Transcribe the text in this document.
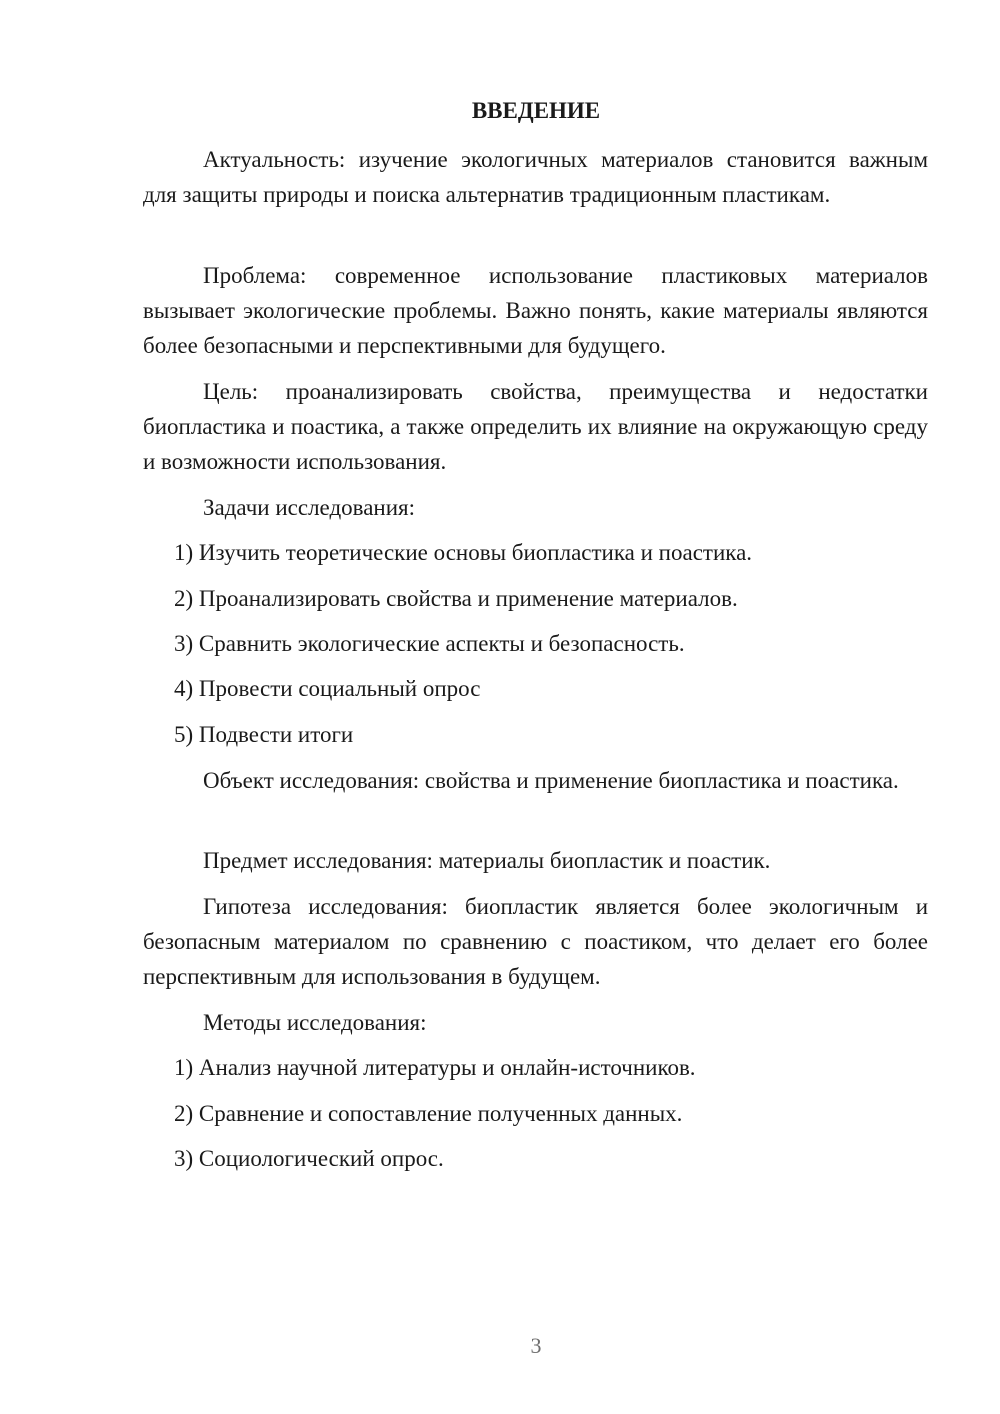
ВВЕДЕНИЕ

Актуальность: изучение экологичных материалов становится важным для защиты природы и поиска альтернатив традиционным пластикам.

Проблема: современное использование пластиковых материалов вызывает экологические проблемы. Важно понять, какие материалы являются более безопасными и перспективными для будущего.

Цель: проанализировать свойства, преимущества и недостатки биопластика и поастика, а также определить их влияние на окружающую среду и возможности использования.

Задачи исследования:
1) Изучить теоретические основы биопластика и поастика.
2) Проанализировать свойства и применение материалов.
3) Сравнить экологические аспекты и безопасность.
4) Провести социальный опрос
5) Подвести итоги

Объект исследования: свойства и применение биопластика и поастика.

Предмет исследования: материалы биопластик и поастик.

Гипотеза исследования: биопластик является более экологичным и безопасным материалом по сравнению с поастиком, что делает его более перспективным для использования в будущем.

Методы исследования:
1) Анализ научной литературы и онлайн-источников.
2) Сравнение и сопоставление полученных данных.
3) Социологический опрос.
3
